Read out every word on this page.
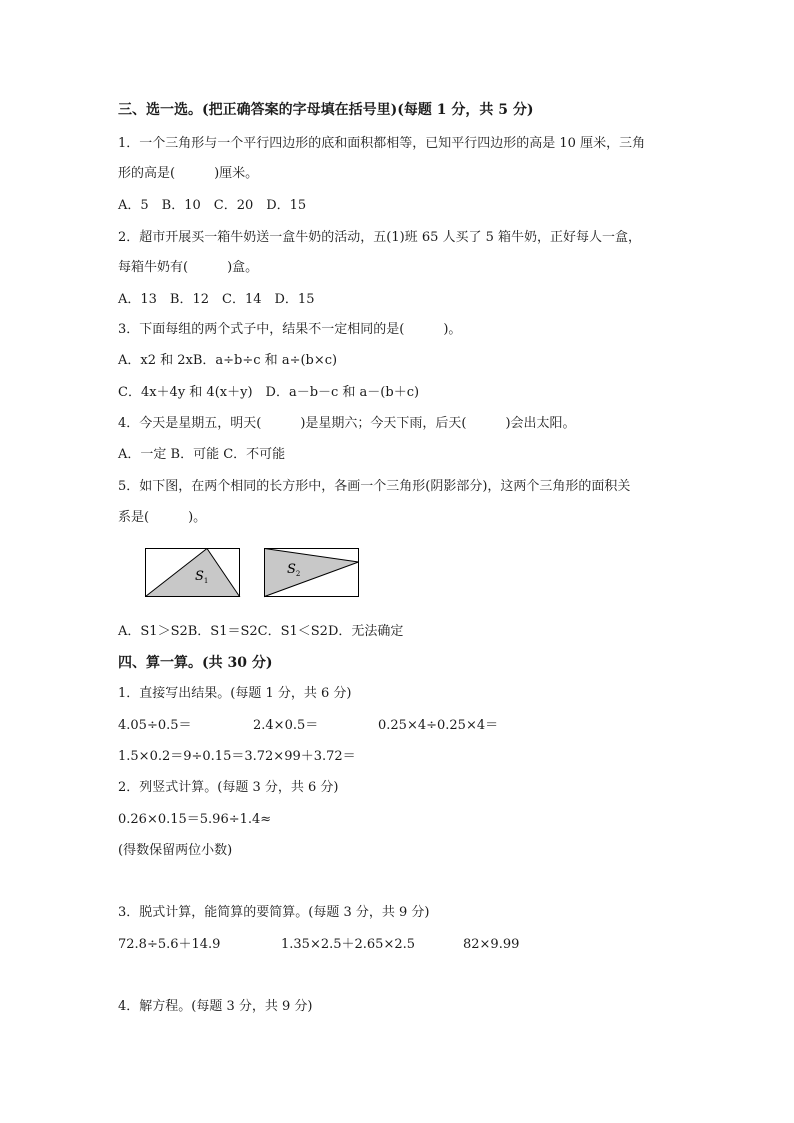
三、选一选。(把正确答案的字母填在括号里)(每题 1 分，共 5 分)
1．一个三角形与一个平行四边形的底和面积都相等，已知平行四边形的高是 10 厘米，三角
形的高是(　　　)厘米。
A．5　B．10　C．20　D．15
2．超市开展买一箱牛奶送一盒牛奶的活动，五(1)班 65 人买了 5 箱牛奶，正好每人一盒，
每箱牛奶有(　　　)盒。
A．13　B．12　C．14　D．15
3．下面每组的两个式子中，结果不一定相同的是(　　　)。
A．x2 和 2xB．a÷b÷c 和 a÷(b×c)
C．4x＋4y 和 4(x＋y)　D．a－b－c 和 a－(b＋c)
4．今天是星期五，明天(　　　)是星期六；今天下雨，后天(　　　)会出太阳。
A．一定 B．可能 C．不可能
5．如下图，在两个相同的长方形中，各画一个三角形(阴影部分)，这两个三角形的面积关
系是(　　　)。
$S_1$
$S_2$
A．S1＞S2B．S1＝S2C．S1＜S2D．无法确定
四、算一算。(共 30 分)
1．直接写出结果。(每题 1 分，共 6 分)
4.05÷0.5＝	2.4×0.5＝	0.25×4÷0.25×4＝
1.5×0.2＝9÷0.15＝3.72×99＋3.72＝
2．列竖式计算。(每题 3 分，共 6 分)
0.26×0.15＝5.96÷1.4≈
(得数保留两位小数)
3．脱式计算，能简算的要简算。(每题 3 分，共 9 分)
72.8÷5.6＋14.9	1.35×2.5＋2.65×2.5	82×9.99
4．解方程。(每题 3 分，共 9 分)
